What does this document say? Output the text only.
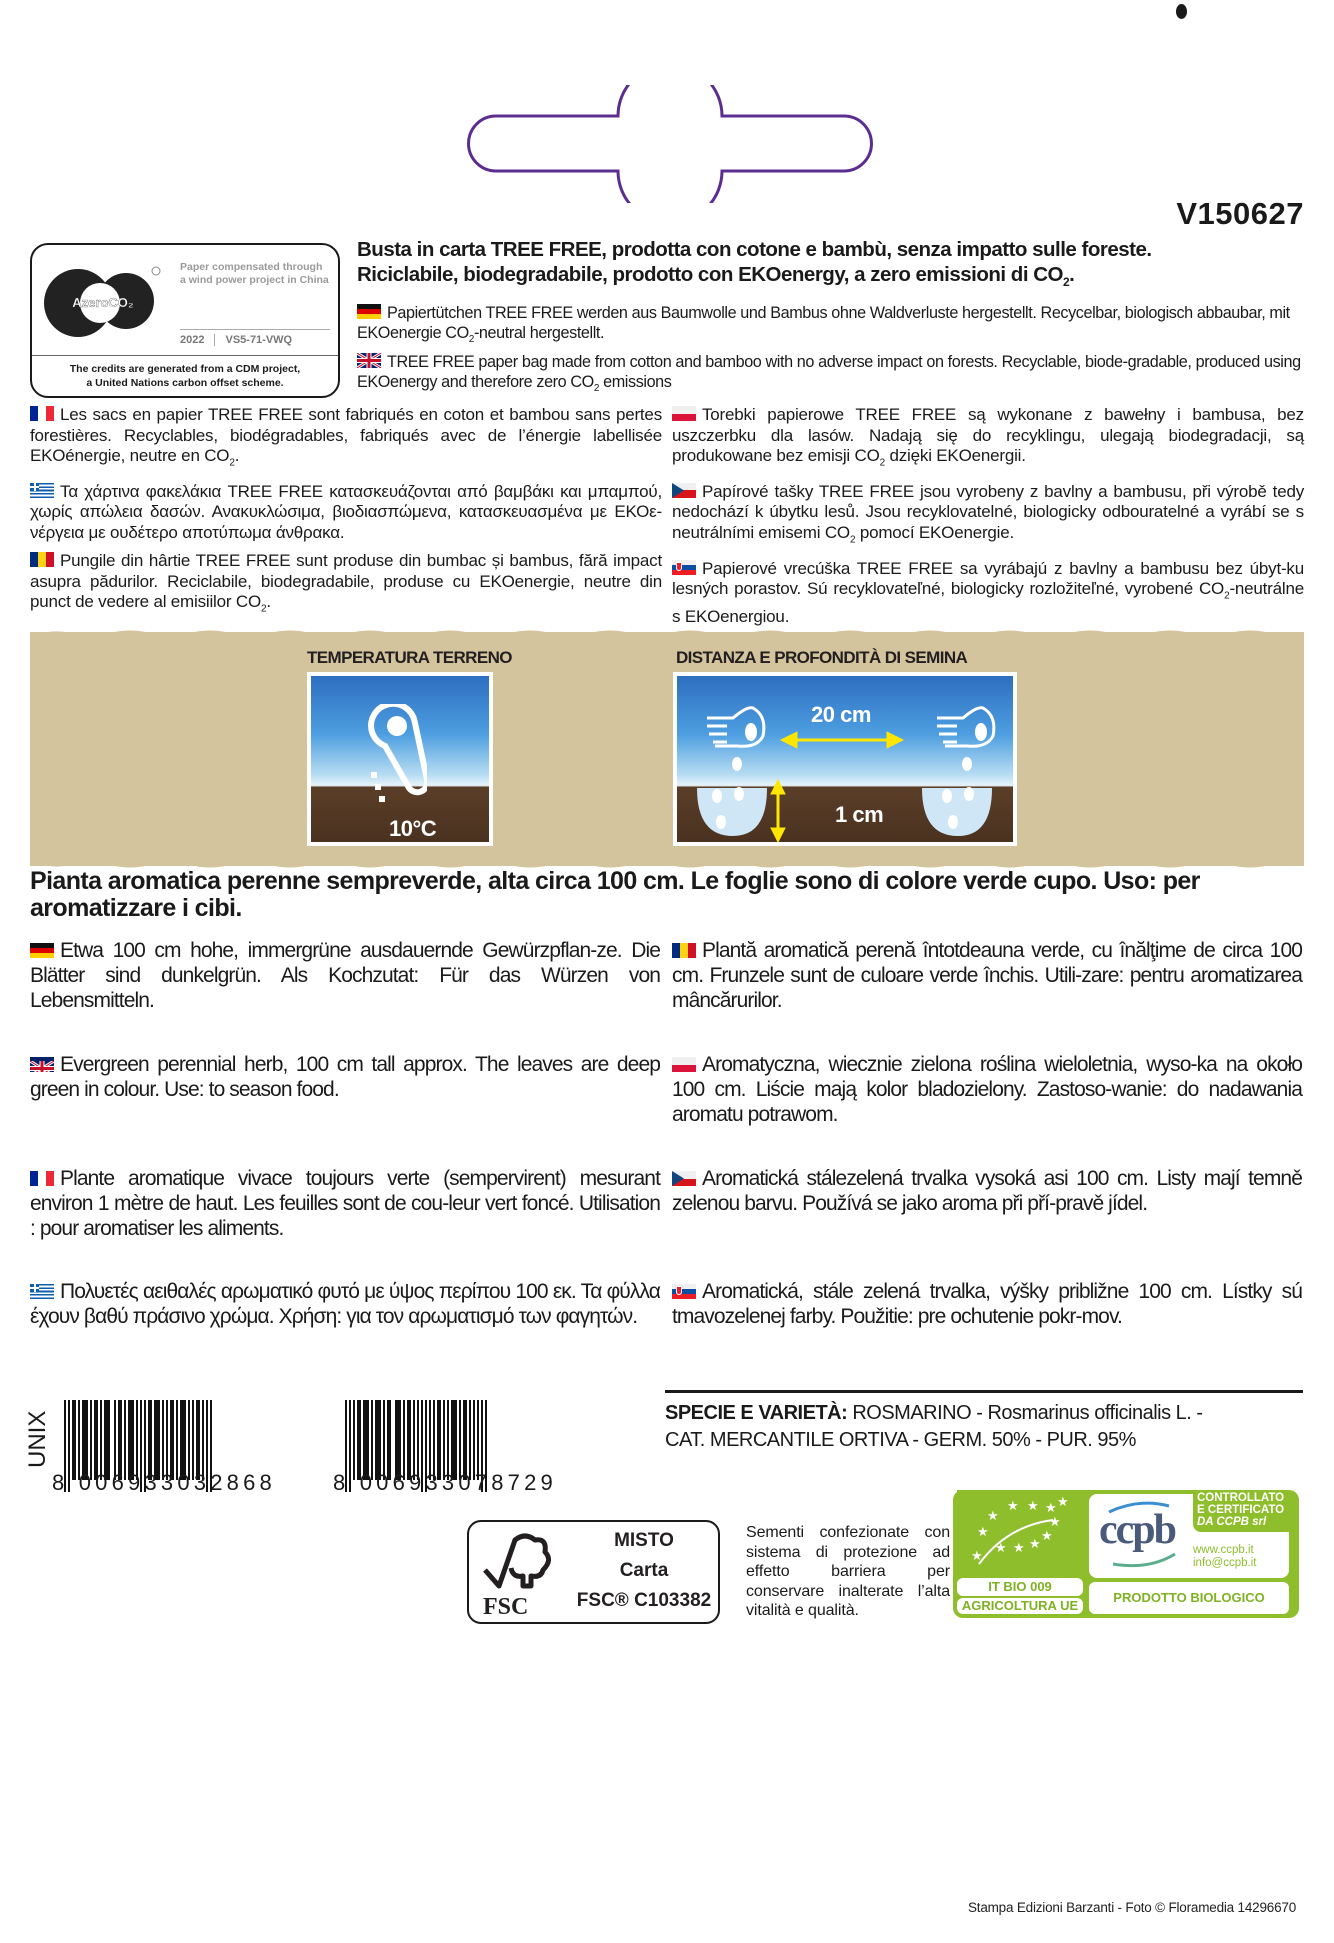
V150627
AzeroCO₂
Paper compensated through a wind power project in China
2022	VS5-71-VWQ
The credits are generated from a CDM project,
a United Nations carbon offset scheme.
Busta in carta TREE FREE, prodotta con cotone e bambù, senza impatto sulle foreste.
Riciclabile, biodegradabile, prodotto con EKOenergy, a zero emissioni di $CO_2$.
Papiertütchen TREE FREE werden aus Baumwolle und Bambus ohne Waldverluste hergestellt. Recycelbar, biologisch abbaubar, mit EKOenergie $CO_2$-neutral hergestellt.
TREE FREE paper bag made from cotton and bamboo with no adverse impact on forests. Recyclable, biode-gradable, produced using EKOenergy and therefore zero $CO_2$ emissions

Les sacs en papier TREE FREE sont fabriqués en coton et bambou sans pertes forestières. Recyclables, biodégradables, fabriqués avec de l’énergie labellisée EKOénergie, neutre en $CO_2$.

Τα χάρτινα φακελάκια TREE FREE κατασκευάζονται από βαμβάκι και μπαμπού, χωρίς απώλεια δασών. Ανακυκλώσιμα, βιοδιασπώμενα, κατασκευασμένα με ΕΚΟε-νέργεια με ουδέτερο αποτύπωμα άνθρακα.

Pungile din hârtie TREE FREE sunt produse din bumbac și bambus, fără impact asupra pădurilor. Reciclabile, biodegradabile, produse cu EKOenergie, neutre din punct de vedere al emisiilor $CO_2$.

Torebki papierowe TREE FREE są wykonane z bawełny i bambusa, bez uszczerbku dla lasów. Nadają się do recyklingu, ulegają biodegradacji, są produkowane bez emisji $CO_2$ dzięki EKOenergii.

Papírové tašky TREE FREE jsou vyrobeny z bavlny a bambusu, při výrobě tedy nedochází k úbytku lesů. Jsou recyklovatelné, biologicky odbouratelné a vyrábí se s neutrálními emisemi $CO_2$ pomocí EKOenergie.

Papierové vrecúška TREE FREE sa vyrábajú z bavlny a bambusu bez úbyt-ku lesných porastov. Sú recyklovateľné, biologicky rozložiteľné, vyrobené $CO_2$-neutrálne s EKOenergiou.

TEMPERATURA TERRENO
10°C
DISTANZA E PROFONDITÀ DI SEMINA
20 cm
1 cm
Pianta aromatica perenne sempreverde, alta circa 100 cm. Le foglie sono di colore verde cupo. Uso: per aromatizzare i cibi.
Etwa 100 cm hohe, immergrüne ausdauernde Gewürzpflan-ze. Die Blätter sind dunkelgrün. Als Kochzutat: Für das Würzen von Lebensmitteln.
Plantă aromatică perenă întotdeauna verde, cu înălţime de circa 100 cm. Frunzele sunt de culoare verde închis. Utili-zare: pentru aromatizarea mâncărurilor.
Evergreen perennial herb, 100 cm tall approx. The leaves are deep green in colour. Use: to season food.
Aromatyczna, wiecznie zielona roślina wieloletnia, wyso-ka na około 100 cm. Liście mają kolor bladozielony. Zastoso-wanie: do nadawania aromatu potrawom.
Plante aromatique vivace toujours verte (sempervirent) mesurant environ 1 mètre de haut. Les feuilles sont de cou-leur vert foncé. Utilisation : pour aromatiser les aliments.
Aromatická stálezelená trvalka vysoká asi 100 cm. Listy mají temně zelenou barvu. Používá se jako aroma při pří-pravě jídel.
Πολυετές αειθαλές αρωματικό φυτό με ύψος περίπου 100 εκ. Τα φύλλα έχουν βαθύ πράσινο χρώμα. Χρήση: για τον αρωματισμό των φαγητών.
Aromatická, stále zelená trvalka, výšky približne 100 cm. Lístky sú tmavozelenej farby. Použitie: pre ochutenie pokr-mov.
SPECIE E VARIETÀ: ROSMARINO - Rosmarinus officinalis L. -
CAT. MERCANTILE ORTIVA - GERM. 50% - PUR. 95%
UNIX
8 006933032868	8 006933078729
FSC
MISTO
Carta
FSC® C103382
Sementi confezionate con sistema di protezione ad effetto barriera per conservare inalterate l’alta vitalità e qualità.
★
★ ★ ★ ★
★
★
★
★ ★ ★
★
IT BIO 009
AGRICOLTURA UE
ccpb
CONTROLLATO
E CERTIFICATO
DA CCPB srl
www.ccpb.it
info@ccpb.it
PRODOTTO BIOLOGICO
Stampa Edizioni Barzanti - Foto © Floramedia 14296670
